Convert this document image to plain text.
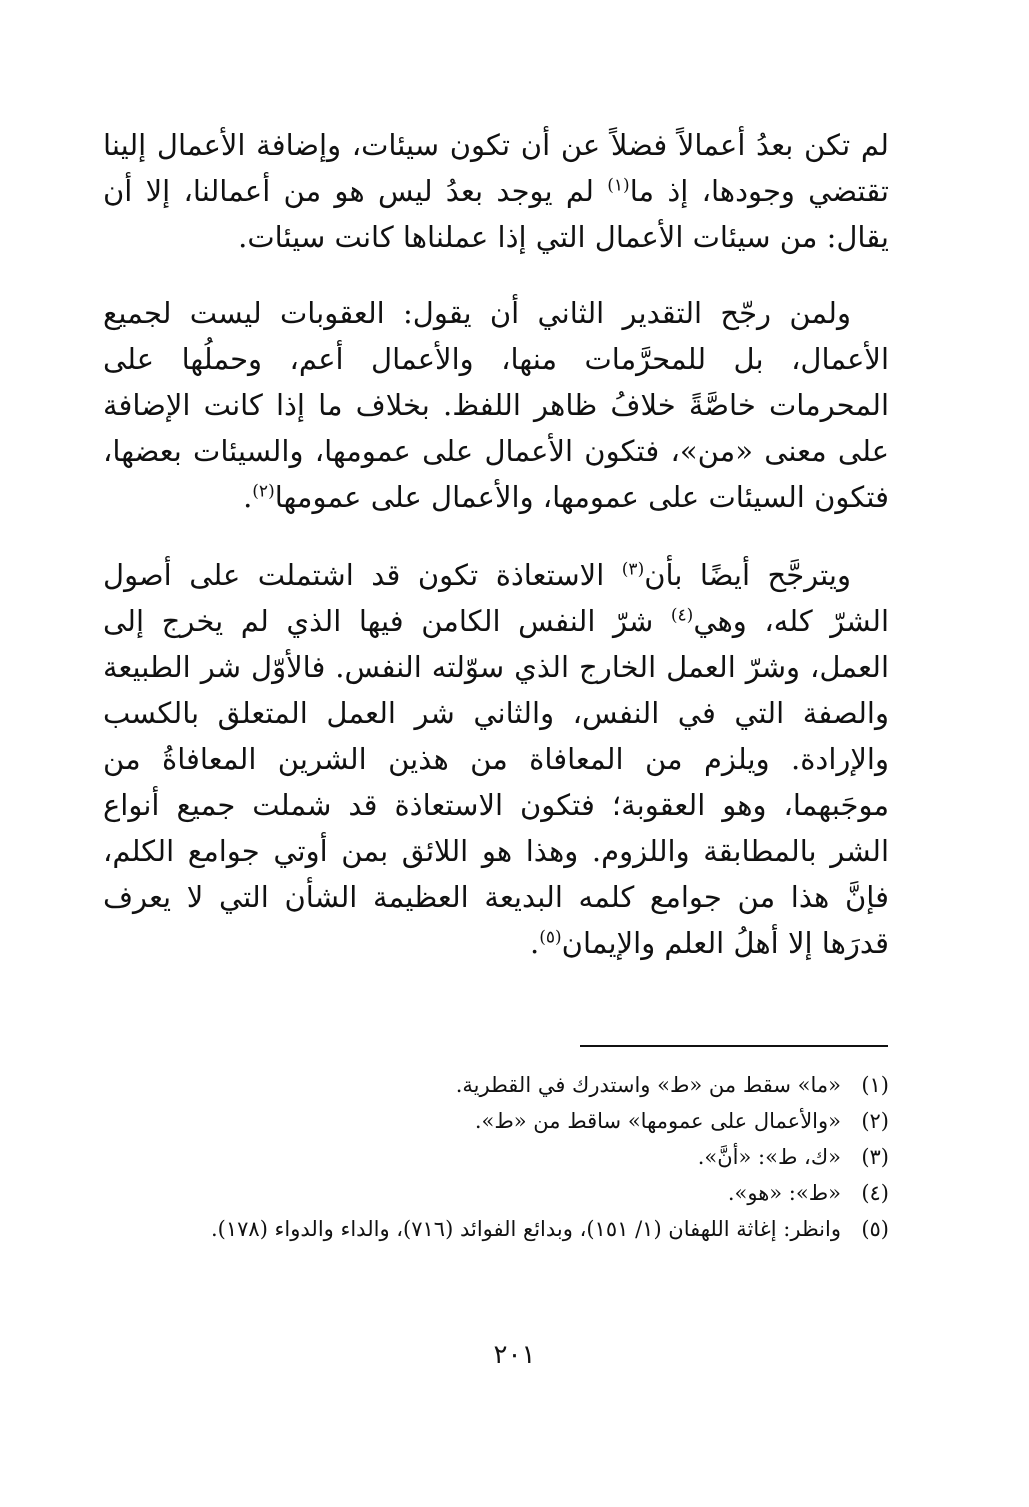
لم تكن بعدُ أعمالاً فضلاً عن أن تكون سيئات، وإضافة الأعمال إلينا تقتضي وجودها، إذ ما$^{(١)}$ لم يوجد بعدُ ليس هو من أعمالنا، إلا أن يقال: من سيئات الأعمال التي إذا عملناها كانت سيئات.

ولمن رجّح التقدير الثاني أن يقول: العقوبات ليست لجميع الأعمال، بل للمحرَّمات منها، والأعمال أعم، وحملُها على المحرمات خاصَّةً خلافُ ظاهر اللفظ. بخلاف ما إذا كانت الإضافة على معنى «من»، فتكون الأعمال على عمومها، والسيئات بعضها، فتكون السيئات على عمومها، والأعمال على عمومها$^{(٢)}$.

ويترجَّح أيضًا بأن$^{(٣)}$ الاستعاذة تكون قد اشتملت على أصول الشرّ كله، وهي$^{(٤)}$ شرّ النفس الكامن فيها الذي لم يخرج إلى العمل، وشرّ العمل الخارج الذي سوّلته النفس. فالأوّل شر الطبيعة والصفة التي في النفس، والثاني شر العمل المتعلق بالكسب والإرادة. ويلزم من المعافاة من هذين الشرين المعافاةُ من موجَبهما، وهو العقوبة؛ فتكون الاستعاذة قد شملت جميع أنواع الشر بالمطابقة واللزوم. وهذا هو اللائق بمن أوتي جوامع الكلم، فإنَّ هذا من جوامع كلمه البديعة العظيمة الشأن التي لا يعرف قدرَها إلا أهلُ العلم والإيمان$^{(٥)}$.

(١)
«ما» سقط من «ط» واستدرك في القطرية.
(٢)
«والأعمال على عمومها» ساقط من «ط».
(٣)
«ك، ط»: «أنَّ».
(٤)
«ط»: «هو».
(٥)
وانظر: إغاثة اللهفان (١/ ١٥١)، وبدائع الفوائد (٧١٦)، والداء والدواء (١٧٨).
٢٠١
